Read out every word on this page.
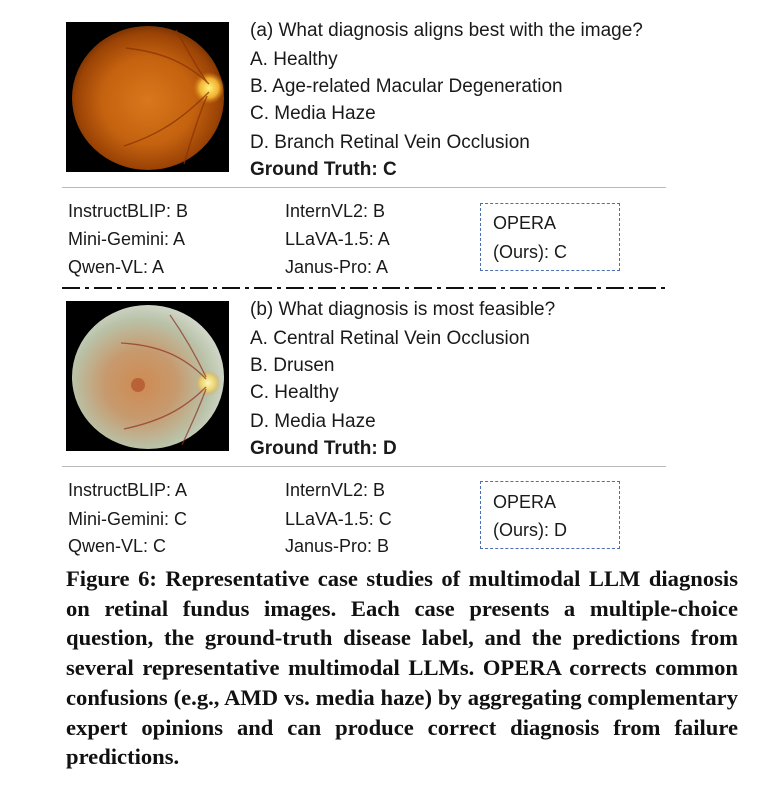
(a) What diagnosis aligns best with the image?
A. Healthy
B. Age-related Macular Degeneration
C. Media Haze
D. Branch Retinal Vein Occlusion
Ground Truth: C
InstructBLIP: B
Mini-Gemini: A
Qwen-VL: A
InternVL2: B
LLaVA-1.5: A
Janus-Pro: A
OPERA
(Ours): C
(b) What diagnosis is most feasible?
A. Central Retinal Vein Occlusion
B. Drusen
C. Healthy
D. Media Haze
Ground Truth: D
InstructBLIP: A
Mini-Gemini: C
Qwen-VL: C
InternVL2: B
LLaVA-1.5: C
Janus-Pro: B
OPERA
(Ours): D
Figure 6: Representative case studies of multimodal LLM diagnosis on retinal fundus images. Each case presents a multiple-choice question, the ground-truth disease label, and the predictions from several representative multimodal LLMs. OPERA corrects common confusions (e.g., AMD vs. media haze) by aggregating complementary expert opinions and can produce correct diagnosis from failure predictions.
